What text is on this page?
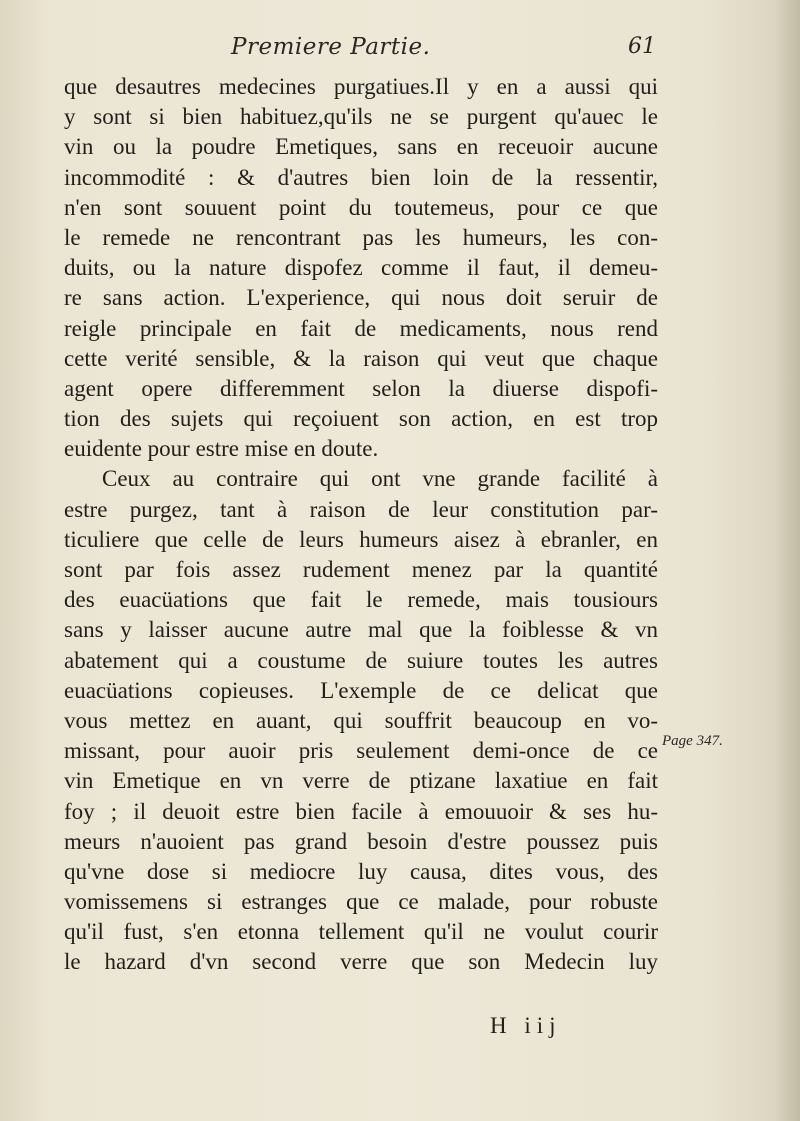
Premiere Partie.	61
que desautres medecines purgatiues.Il y en a aussi qui
y sont si bien habituez,qu'ils ne se purgent qu'auec le
vin ou la poudre Emetiques, sans en receuoir aucune
incommodité : & d'autres bien loin de la ressentir,
n'en sont souuent point du toutemeus, pour ce que
le remede ne rencontrant pas les humeurs, les con-
duits, ou la nature dispofez comme il faut, il demeu-
re sans action. L'experience, qui nous doit seruir de
reigle principale en fait de medicaments, nous rend
cette verité sensible, & la raison qui veut que chaque
agent opere differemment selon la diuerse dispofi-
tion des sujets qui reçoiuent son action, en est trop
euidente pour estre mise en doute.
Ceux au contraire qui ont vne grande facilité à
estre purgez, tant à raison de leur constitution par-
ticuliere que celle de leurs humeurs aisez à ebranler, en
sont par fois assez rudement menez par la quantité
des euacüations que fait le remede, mais tousiours
sans y laisser aucune autre mal que la foiblesse & vn
abatement qui a coustume de suiure toutes les autres
euacüations copieuses. L'exemple de ce delicat que
vous mettez en auant, qui souffrit beaucoup en vo-
missant, pour auoir pris seulement demi-once de ce
vin Emetique en vn verre de ptizane laxatiue en fait
foy ; il deuoit estre bien facile à emouuoir & ses hu-
meurs n'auoient pas grand besoin d'estre poussez puis
qu'vne dose si mediocre luy causa, dites vous, des
vomissemens si estranges que ce malade, pour robuste
qu'il fust, s'en etonna tellement qu'il ne voulut courir
le hazard d'vn second verre que son Medecin luy
Page 347.
H iij
